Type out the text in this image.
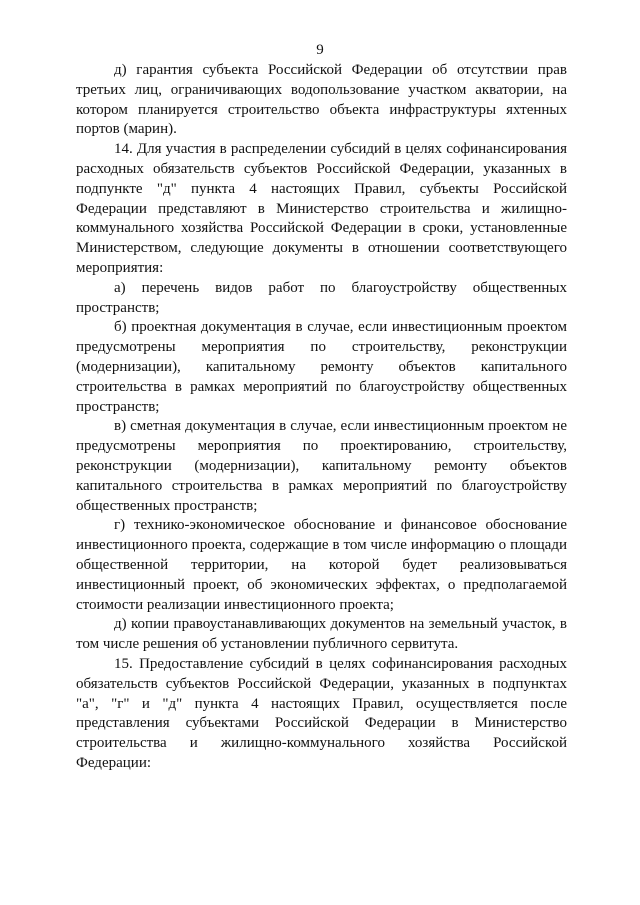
9

д) гарантия субъекта Российской Федерации об отсутствии прав третьих лиц, ограничивающих водопользование участком акватории, на котором планируется строительство объекта инфраструктуры яхтенных портов (марин).

14. Для участия в распределении субсидий в целях софинансирования расходных обязательств субъектов Российской Федерации, указанных в подпункте "д" пункта 4 настоящих Правил, субъекты Российской Федерации представляют в Министерство строительства и жилищно-коммунального хозяйства Российской Федерации в сроки, установленные Министерством, следующие документы в отношении соответствующего мероприятия:

а) перечень видов работ по благоустройству общественных пространств;

б) проектная документация в случае, если инвестиционным проектом предусмотрены мероприятия по строительству, реконструкции (модернизации), капитальному ремонту объектов капитального строительства в рамках мероприятий по благоустройству общественных пространств;

в) сметная документация в случае, если инвестиционным проектом не предусмотрены мероприятия по проектированию, строительству, реконструкции (модернизации), капитальному ремонту объектов капитального строительства в рамках мероприятий по благоустройству общественных пространств;

г) технико-экономическое обоснование и финансовое обоснование инвестиционного проекта, содержащие в том числе информацию о площади общественной территории, на которой будет реализовываться инвестиционный проект, об экономических эффектах, о предполагаемой стоимости реализации инвестиционного проекта;

д) копии правоустанавливающих документов на земельный участок, в том числе решения об установлении публичного сервитута.

15. Предоставление субсидий в целях софинансирования расходных обязательств субъектов Российской Федерации, указанных в подпунктах "а", "г" и "д" пункта 4 настоящих Правил, осуществляется после представления субъектами Российской Федерации в Министерство строительства и жилищно-коммунального хозяйства Российской Федерации:
